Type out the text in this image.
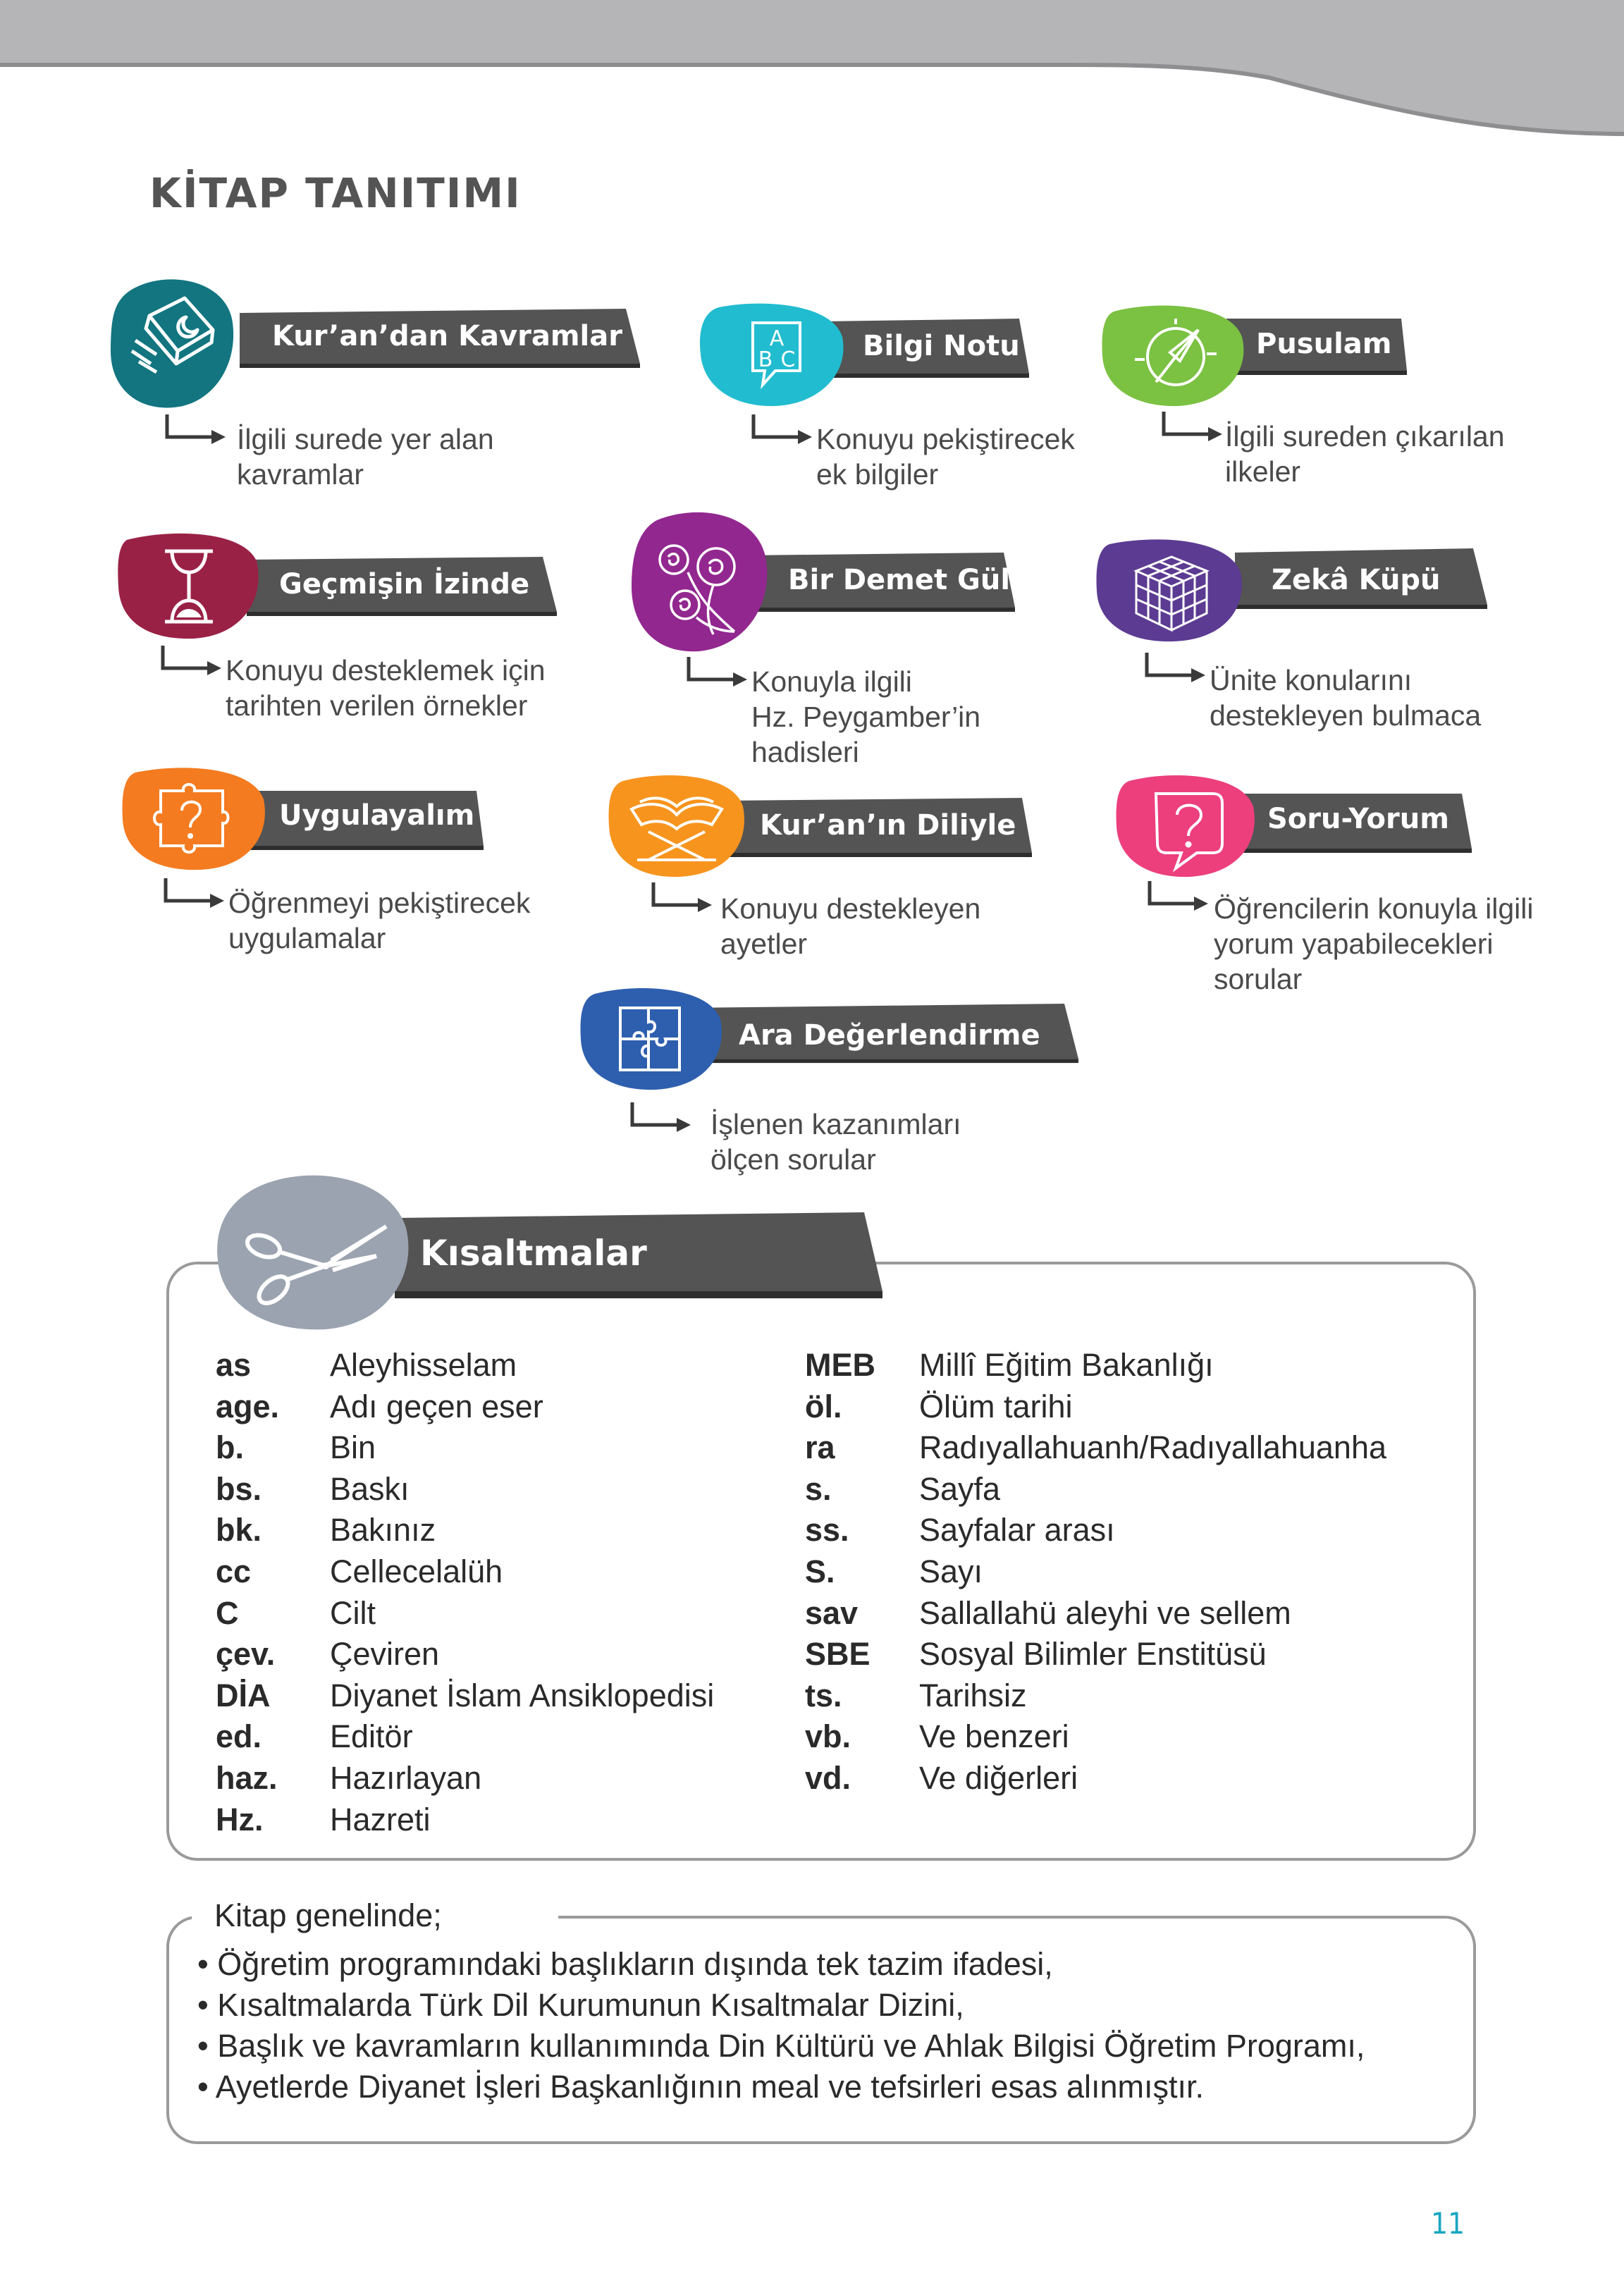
KİTAP TANITIMI
Kur’an’dan Kavramlar
İlgili surede yer alan
kavramlar
Bilgi Notu
A
B C
Konuyu pekiştirecek
ek bilgiler
Pusulam
İlgili sureden çıkarılan
ilkeler
Geçmişin İzinde
Konuyu desteklemek için
tarihten verilen örnekler
Bir Demet Gül
Konuyla ilgili
Hz. Peygamber’in
hadisleri
Zekâ Küpü
Ünite konularını
destekleyen bulmaca
Uygulayalım
Öğrenmeyi pekiştirecek
uygulamalar
Kur’an’ın Diliyle
Konuyu destekleyen
ayetler
Soru-Yorum
Öğrencilerin konuyla ilgili
yorum yapabilecekleri
sorular
Ara Değerlendirme
İşlenen kazanımları
ölçen sorular
Kısaltmalar
as Aleyhisselam
age. Adı geçen eser
b.	Bin
bs. Baskı
bk. Bakınız
cc Cellecelalüh
C	Cilt
çev. Çeviren
DİA Diyanet İslam Ansiklopedisi
ed. Editör
haz. Hazırlayan
Hz. Hazreti
MEB Millî Eğitim Bakanlığı
öl. Ölüm tarihi
ra	Radıyallahuanh/Radıyallahuanha
s.	Sayfa
ss. Sayfalar arası
S.	Sayı
sav Sallallahü aleyhi ve sellem
SBE Sosyal Bilimler Enstitüsü
ts. Tarihsiz
vb. Ve benzeri
vd. Ve diğerleri
Kitap genelinde;
• Öğretim programındaki başlıkların dışında tek tazim ifadesi,
• Kısaltmalarda Türk Dil Kurumunun Kısaltmalar Dizini,
• Başlık ve kavramların kullanımında Din Kültürü ve Ahlak Bilgisi Öğretim Programı,
• Ayetlerde Diyanet İşleri Başkanlığının meal ve tefsirleri esas alınmıştır.
11
